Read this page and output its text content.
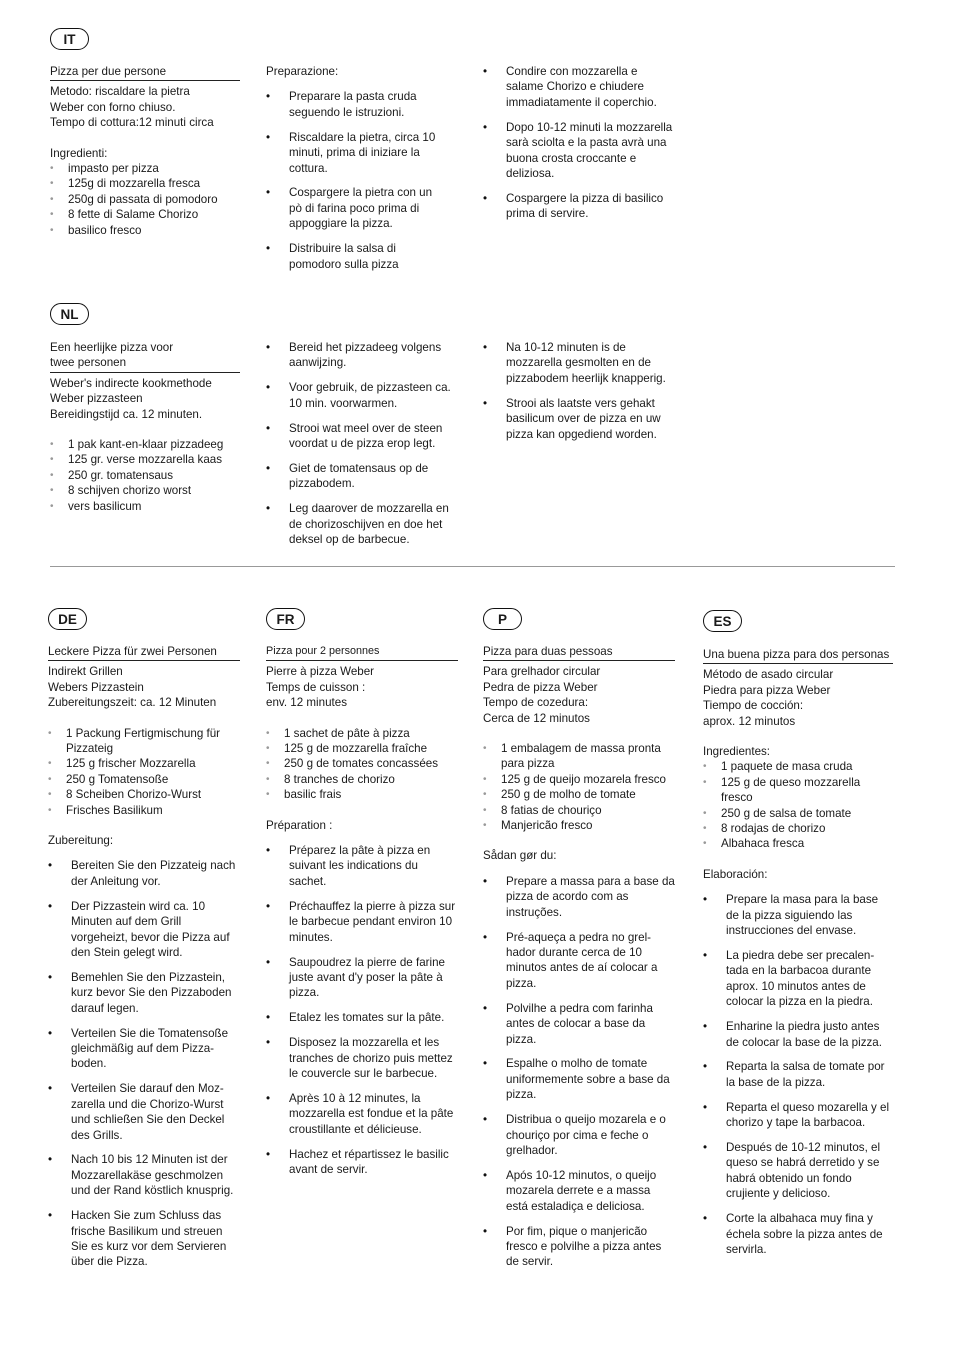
IT
Pizza per due persone
Metodo: riscaldare la pietra
Weber con forno chiuso.
Tempo di cottura:12 minuti circa
Ingredienti:
• impasto per pizza
• 125g di mozzarella fresca
• 250g di passata di pomodoro
• 8 fette di Salame Chorizo
• basilico fresco
Preparazione:
• Preparare la pasta cruda seguendo le istruzioni.
• Riscaldare la pietra, circa 10 minuti, prima di iniziare la cottura.
• Cospargere la pietra con un pò di farina poco prima di appoggiare la pizza.
• Distribuire la salsa di pomodoro sulla pizza
• Condire con mozzarella e salame Chorizo e chiudere immadiatamente il coperchio.
• Dopo 10-12 minuti la mozzarella sarà sciolta e la pasta avrà una buona crosta croccante e deliziosa.
• Cospargere la pizza di basilico prima di servire.
NL
Een heerlijke pizza voor
twee personen
Weber's indirecte kookmethode
Weber pizzasteen
Bereidingstijd ca. 12 minuten.
• 1 pak kant-en-klaar pizzadeeg
• 125 gr. verse mozzarella kaas
• 250 gr. tomatensaus
• 8 schijven chorizo worst
• vers basilicum
• Bereid het pizzadeeg volgens aanwijzing.
• Voor gebruik, de pizzasteen ca. 10 min. voorwarmen.
• Strooi wat meel over de steen voordat u de pizza erop legt.
• Giet de tomatensaus op de pizzabodem.
• Leg daarover de mozzarella en de chorizoschijven en doe het deksel op de barbecue.
• Na 10-12 minuten is de mozzarella gesmolten en de pizzabodem heerlijk knapperig.
• Strooi als laatste vers gehakt basilicum over de pizza en uw pizza kan opgediend worden.
DE
Leckere Pizza für zwei Personen
Indirekt Grillen
Webers Pizzastein
Zubereitungszeit: ca. 12 Minuten
• 1 Packung Fertigmischung für Pizzateig
• 125 g frischer Mozzarella
• 250 g Tomatensoße
• 8 Scheiben Chorizo-Wurst
• Frisches Basilikum
Zubereitung:
• Bereiten Sie den Pizzateig nach der Anleitung vor.
• Der Pizzastein wird ca. 10 Minuten auf dem Grill vorgeheizt, bevor die Pizza auf den Stein gelegt wird.
• Bemehlen Sie den Pizzastein, kurz bevor Sie den Pizzaboden darauf legen.
• Verteilen Sie die Tomatensoße gleichmäßig auf dem Pizza-boden.
• Verteilen Sie darauf den Moz-zarella und die Chorizo-Wurst und schließen Sie den Deckel des Grills.
• Nach 10 bis 12 Minuten ist der Mozzarellakäse geschmolzen und der Rand köstlich knusprig.
• Hacken Sie zum Schluss das frische Basilikum und streuen Sie es kurz vor dem Servieren über die Pizza.
FR
Pizza pour 2 personnes
Pierre à pizza Weber
Temps de cuisson :
env. 12 minutes
• 1 sachet de pâte à pizza
• 125 g de mozzarella fraîche
• 250 g de tomates concassées
• 8 tranches de chorizo
• basilic frais
Préparation :
• Préparez la pâte à pizza en suivant les indications du sachet.
• Préchauffez la pierre à pizza sur le barbecue pendant environ 10 minutes.
• Saupoudrez la pierre de farine juste avant d'y poser la pâte à pizza.
• Etalez les tomates sur la pâte.
• Disposez la mozzarella et les tranches de chorizo puis mettez le couvercle sur le barbecue.
• Après 10 à 12 minutes, la mozzarella est fondue et la pâte croustillante et délicieuse.
• Hachez et répartissez le basilic avant de servir.
P
Pizza para duas pessoas
Para grelhador circular
Pedra de pizza Weber
Tempo de cozedura:
Cerca de 12 minutos
• 1 embalagem de massa pronta para pizza
• 125 g de queijo mozarela fresco
• 250 g de molho de tomate
• 8 fatias de chouriço
• Manjericão fresco
Sådan gør du:
• Prepare a massa para a base da pizza de acordo com as instruções.
• Pré-aqueça a pedra no grel-hador durante cerca de 10 minutos antes de aí colocar a pizza.
• Polvilhe a pedra com farinha antes de colocar a base da pizza.
• Espalhe o molho de tomate uniformemente sobre a base da pizza.
• Distribua o queijo mozarela e o chouriço por cima e feche o grelhador.
• Após 10-12 minutos, o queijo mozarela derrete e a massa está estaladiça e deliciosa.
• Por fim, pique o manjericão fresco e polvilhe a pizza antes de servir.
ES
Una buena pizza para dos personas
Método de asado circular
Piedra para pizza Weber
Tiempo de cocción:
aprox. 12 minutos
Ingredientes:
• 1 paquete de masa cruda
• 125 g de queso mozzarella fresco
• 250 g de salsa de tomate
• 8 rodajas de chorizo
• Albahaca fresca
Elaboración:
• Prepare la masa para la base de la pizza siguiendo las instrucciones del envase.
• La piedra debe ser precalen-tada en la barbacoa durante aprox. 10 minutos antes de colocar la pizza en la piedra.
• Enharine la piedra justo antes de colocar la base de la pizza.
• Reparta la salsa de tomate por la base de la pizza.
• Reparta el queso mozarella y el chorizo y tape la barbacoa.
• Después de 10-12 minutos, el queso se habrá derretido y se habrá obtenido un fondo crujiente y delicioso.
• Corte la albahaca muy fina y échela sobre la pizza antes de servirla.
